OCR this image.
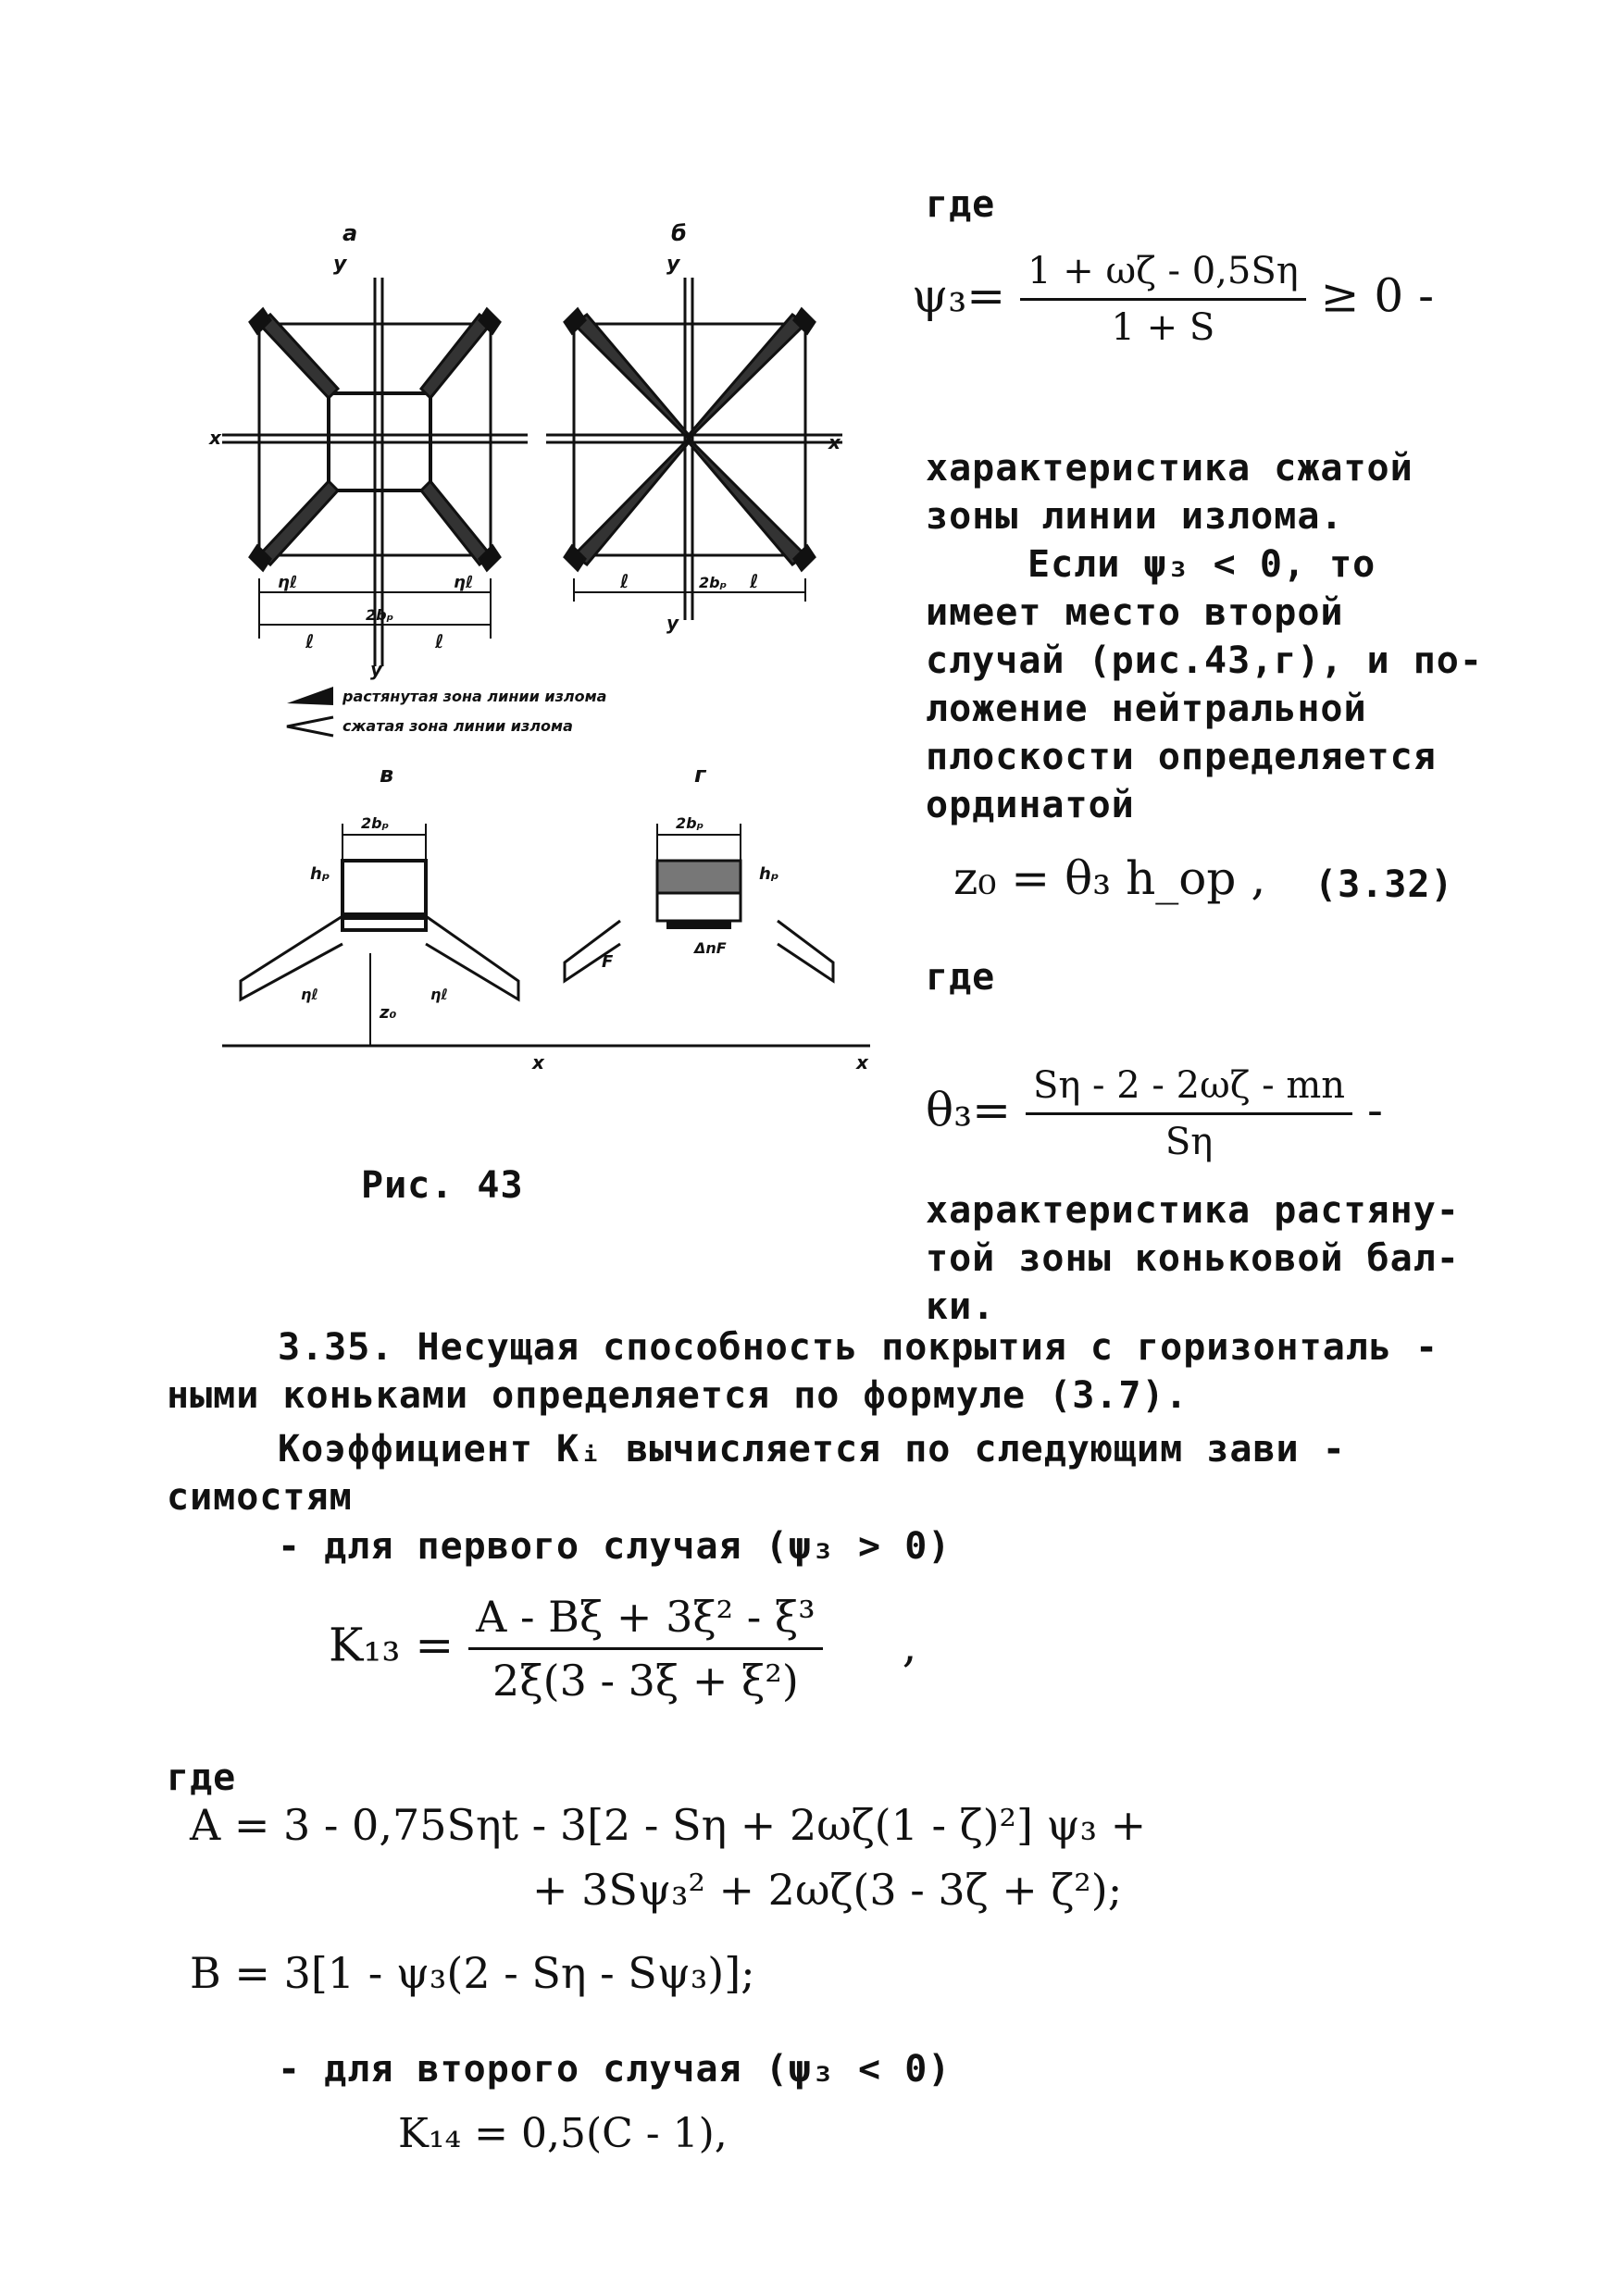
а
y
ηℓ	ηℓ
ℓ	ℓ
2bₚ
x
y
б
y
ℓ	ℓ
2bₚ
x
y
растянутая зона линии излома
сжатая зона линии излома
в
2bₚ
hₚ
ηℓ	ηℓ
z₀
x
г
2bₚ
hₚ
F
ΔnF
x
Рис. 43
где
$\psi_3= \frac{1 + \omega\zeta - 0,5S\eta}{1 + S} \ge 0$ -
характеристика сжатой
зоны линии излома.
Если ψ₃ < 0, то
имеет место второй
случай (рис.43,г), и по-
ложение нейтральной
плоскости определяется
ординатой
z₀ = θ₃ h_op , (3.32)
где
$\theta_3= \frac{S\eta - 2 - 2\omega\zeta - mn}{S\eta}$ -
характеристика растяну-
той зоны коньковой бал-
ки.
3.35. Несущая способность покрытия с горизонталь -
ными коньками определяется по формуле (3.7).
Коэффициент Kᵢ вычисляется по следующим зави -
симостям
- для первого случая (ψ₃ > 0)
$K_{13} = \frac{\text{A - Bξ + 3ξ² - ξ³}}{\text{2ξ(3 - 3ξ + ξ²)}}$ ,
где
A = 3 - 0,75Sηt - 3[2 - Sη + 2ωζ(1 - ζ)²] ψ₃ +
+ 3Sψ₃² + 2ωζ(3 - 3ζ + ζ²);
B = 3[1 - ψ₃(2 - Sη - Sψ₃)];
- для второго случая (ψ₃ < 0)
K₁₄ = 0,5(C - 1),
